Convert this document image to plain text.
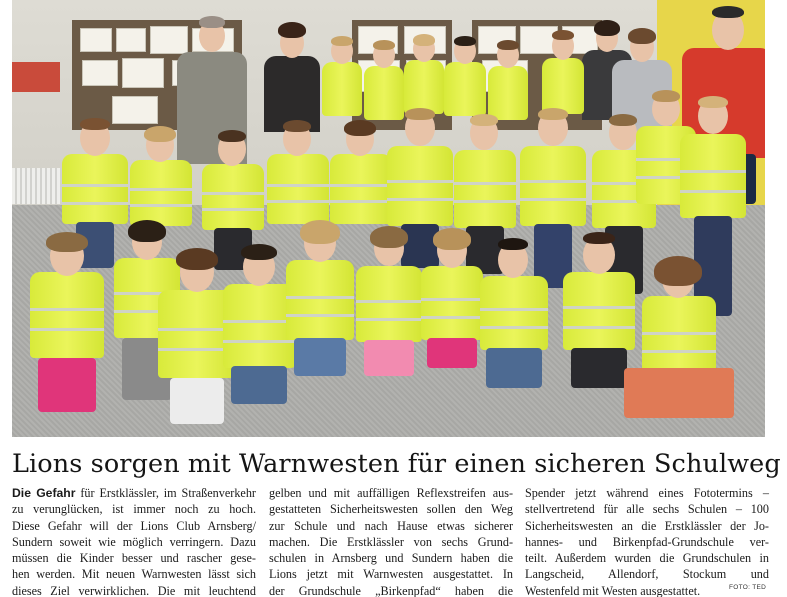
Lions sorgen mit Warnwesten für einen sicheren Schulweg
Die Gefahr für Erstklässler, im Straßenverkehr
zu verunglücken, ist immer noch zu hoch.
Diese Gefahr will der Lions Club Arnsberg/
Sundern soweit wie möglich verringern. Dazu
müssen die Kinder besser und rascher gese-
hen werden. Mit neuen Warnwesten lässt sich
dieses Ziel verwirklichen. Die mit leuchtend
gelben und mit auffälligen Reflexstreifen aus-
gestatteten Sicherheitswesten sollen den Weg
zur Schule und nach Hause etwas sicherer
machen. Die Erstklässler von sechs Grund-
schulen in Arnsberg und Sundern haben die
Lions jetzt mit Warnwesten ausgestattet. In
der Grundschule „Birkenpfad“ haben die
Spender jetzt während eines Fototermins –
stellvertretend für alle sechs Schulen – 100
Sicherheitswesten an die Erstklässler der Jo-
hannes- und Birkenpfad-Grundschule ver-
teilt. Außerdem wurden die Grundschulen in
Langscheid, Allendorf, Stockum und
Westenfeld mit Westen ausgestattet.	FOTO: TED
